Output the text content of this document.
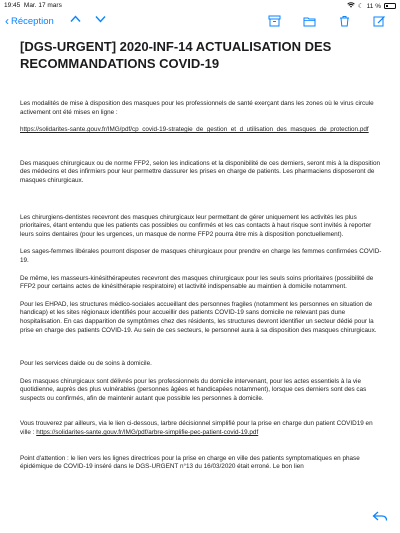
19:45 Mar. 17 mars	☾ 11 %
‹ Réception
[DGS-URGENT] 2020-INF-14 ACTUALISATION DES RECOMMANDATIONS COVID-19

Les modalités de mise à disposition des masques pour les professionnels de santé exerçant dans les zones où le virus circule activement ont été mises en ligne :

https://solidarites-sante.gouv.fr/IMG/pdf/cp_covid-19-strategie_de_gestion_et_d_utilisation_des_masques_de_protection.pdf

Des masques chirurgicaux ou de norme FFP2, selon les indications et la disponibilité de ces derniers, seront mis à la disposition des médecins et des infirmiers pour leur permettre dassurer les prises en charge de patients. Les pharmaciens disposeront de masques chirurgicaux.

Les chirurgiens-dentistes recevront des masques chirurgicaux leur permettant de gérer uniquement les activités les plus prioritaires, étant entendu que les patients cas possibles ou confirmés et les cas contacts à haut risque sont invités à reporter leurs soins dentaires (pour les urgences, un masque de norme FFP2 pourra être mis à disposition ponctuellement).

Les sages-femmes libérales pourront disposer de masques chirurgicaux pour prendre en charge les femmes confirmées COVID-19.

De même, les masseurs-kinésithérapeutes recevront des masques chirurgicaux pour les seuls soins prioritaires (possibilité de FFP2 pour certains actes de kinésithérapie respiratoire) et lactivité indispensable au maintien à domicile notamment.

Pour les EHPAD, les structures médico-sociales accueillant des personnes fragiles (notamment les personnes en situation de handicap) et les sites régionaux identifiés pour accueillir des patients COVID-19 sans domicile ne relevant pas dune hospitalisation. En cas dapparition de symptômes chez des résidents, les structures devront identifier un secteur dédié pour la prise en charge des patients COVID-19. Au sein de ces secteurs, le personnel aura à sa disposition des masques chirurgicaux.

Pour les services daide ou de soins à domicile.

Des masques chirurgicaux sont délivrés pour les professionnels du domicile intervenant, pour les actes essentiels à la vie quotidienne, auprès des plus vulnérables (personnes âgées et handicapées notamment), lorsque ces derniers sont des cas suspects ou confirmés, afin de maintenir autant que possible les personnes à domicile.

Vous trouverez par ailleurs, via le lien ci-dessous, larbre décisionnel simplifié pour la prise en charge dun patient COVID19 en ville : https://solidarites-sante.gouv.fr/IMG/pdf/arbre-simplifie-pec-patient-covid-19.pdf

Point d'attention : le lien vers les lignes directrices pour la prise en charge en ville des patients symptomatiques en phase épidémique de COVID-19 inséré dans le DGS-URGENT n°13 du 16/03/2020 était erroné. Le bon lien
